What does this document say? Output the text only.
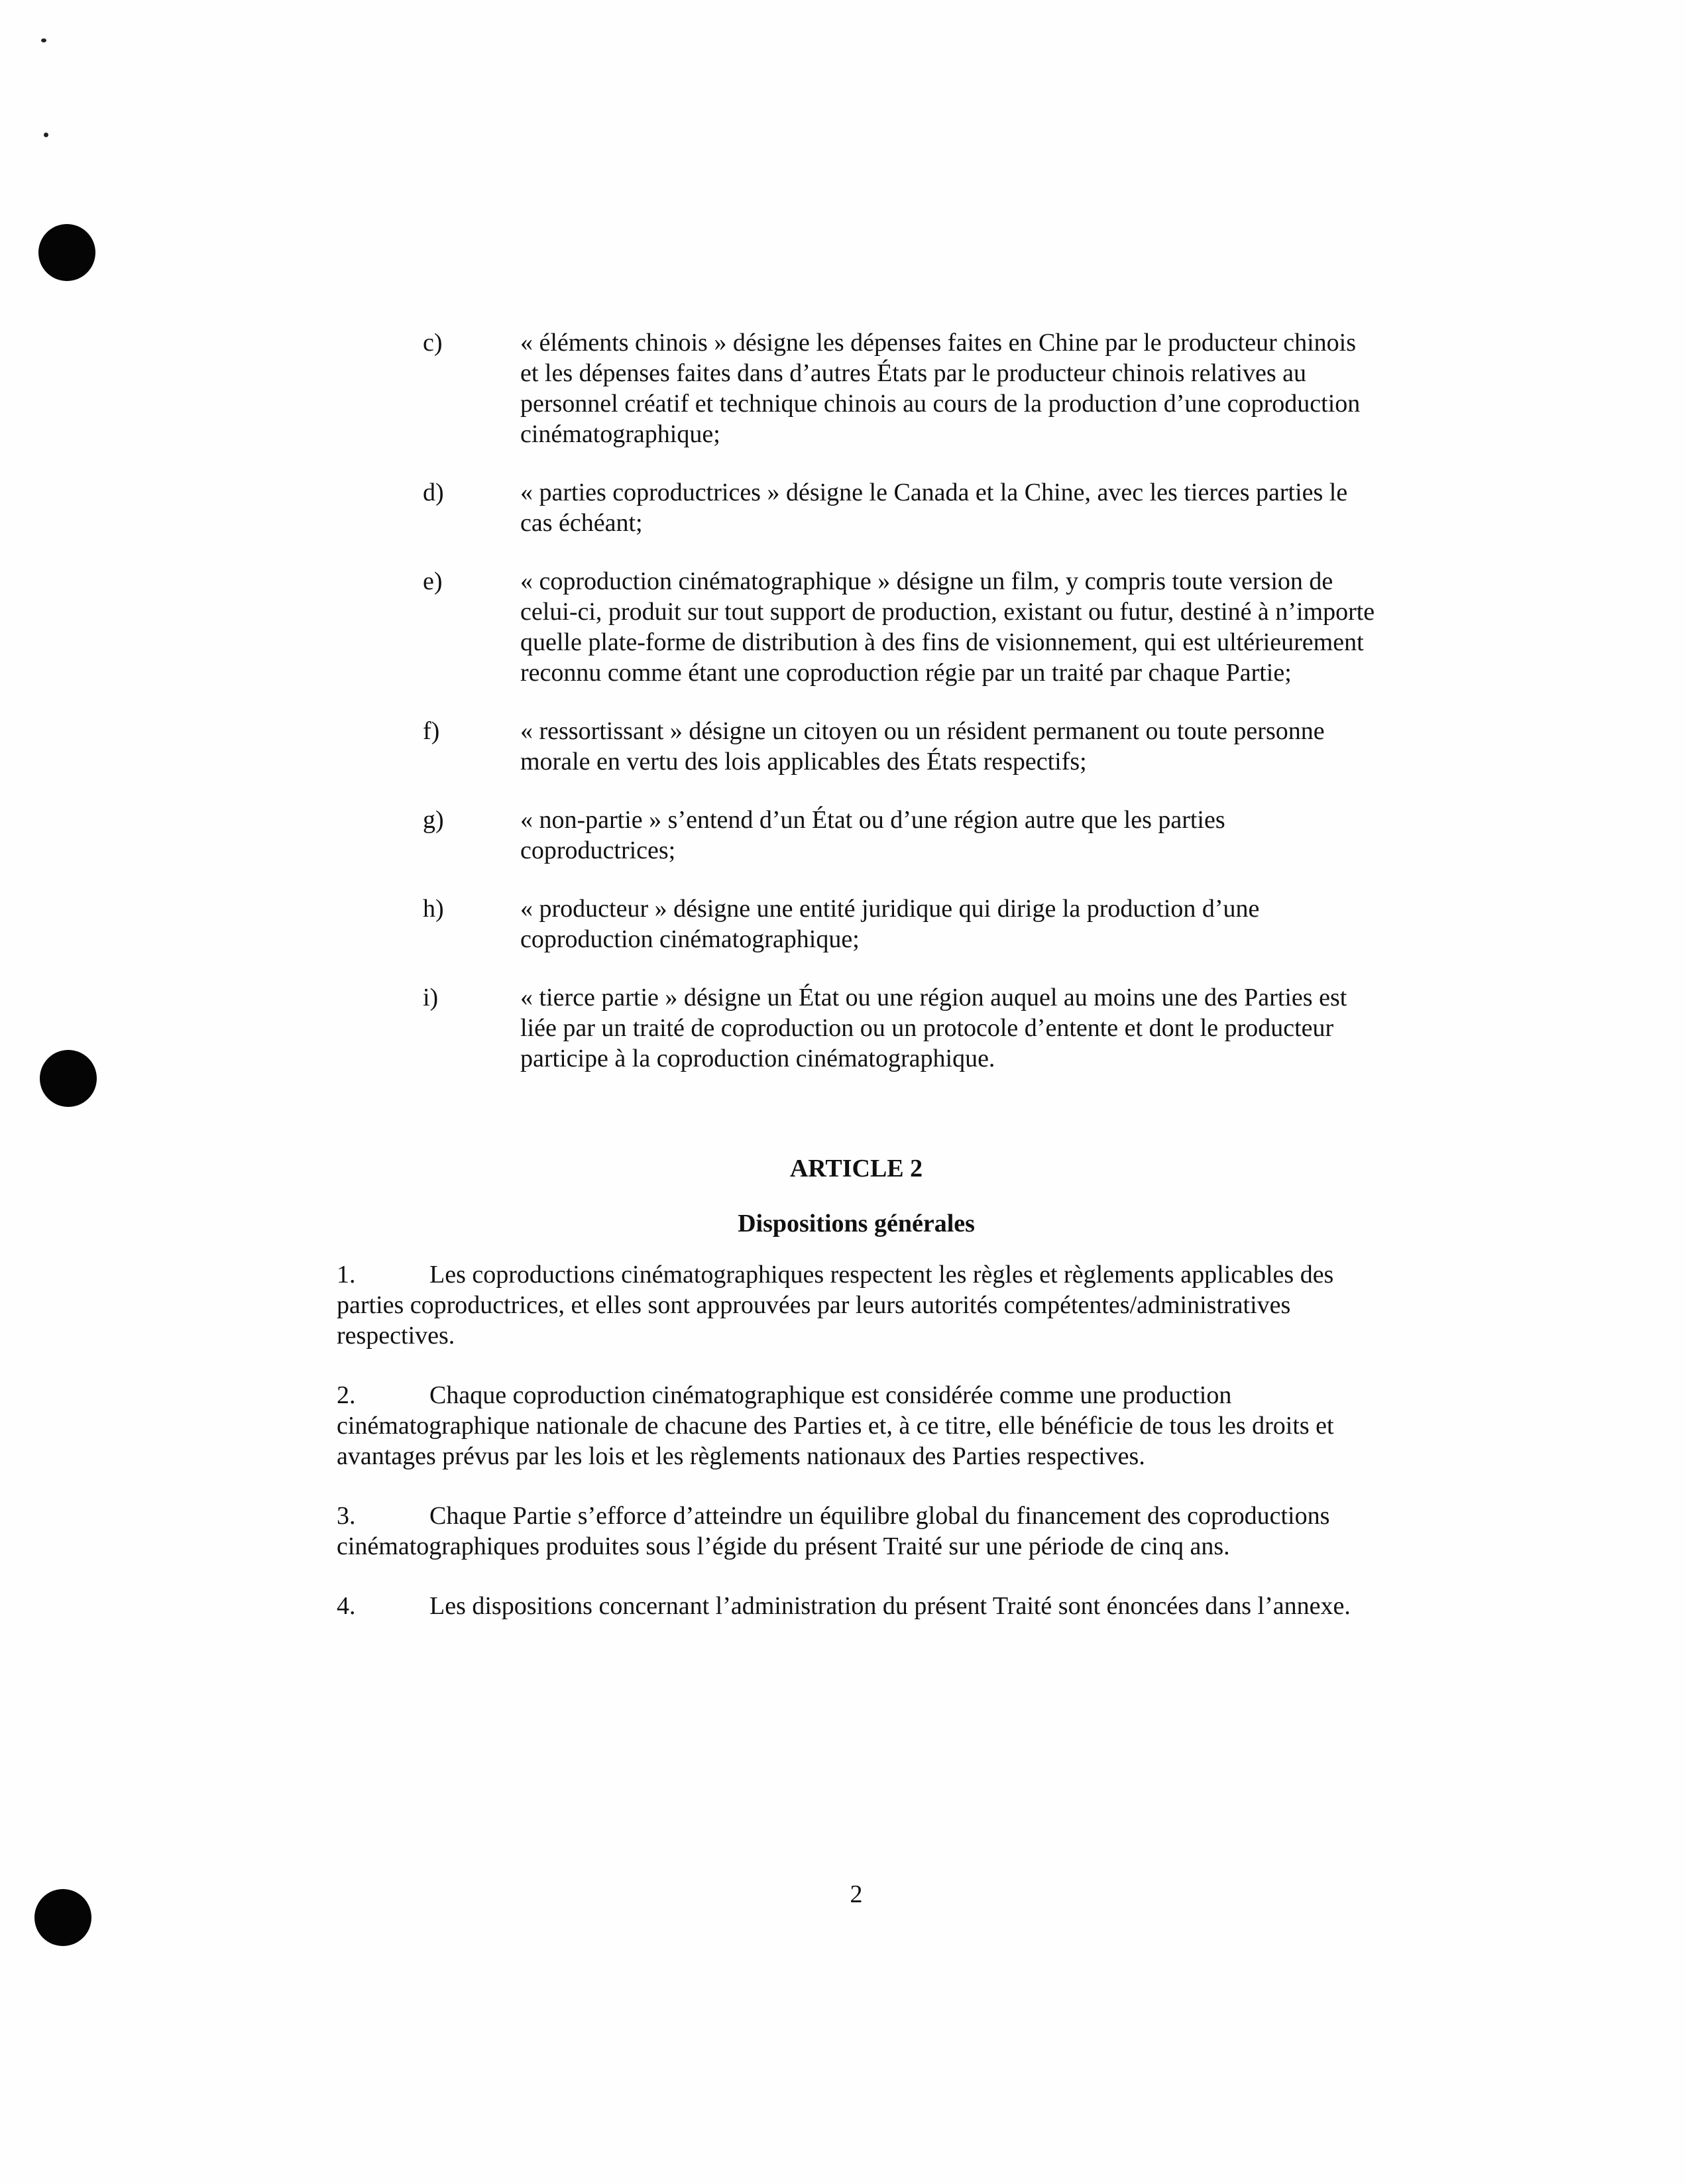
c)	« éléments chinois » désigne les dépenses faites en Chine par le producteur chinois et les dépenses faites dans d’autres États par le producteur chinois relatives au personnel créatif et technique chinois au cours de la production d’une coproduction cinématographique;
d)	« parties coproductrices » désigne le Canada et la Chine, avec les tierces parties le cas échéant;
e)	« coproduction cinématographique » désigne un film, y compris toute version de celui-ci, produit sur tout support de production, existant ou futur, destiné à n’importe quelle plate-forme de distribution à des fins de visionnement, qui est ultérieurement reconnu comme étant une coproduction régie par un traité par chaque Partie;
f)	« ressortissant » désigne un citoyen ou un résident permanent ou toute personne morale en vertu des lois applicables des États respectifs;
g)	« non-partie » s’entend d’un État ou d’une région autre que les parties coproductrices;
h)	« producteur » désigne une entité juridique qui dirige la production d’une coproduction cinématographique;
i)	« tierce partie » désigne un État ou une région auquel au moins une des Parties est liée par un traité de coproduction ou un protocole d’entente et dont le producteur participe à la coproduction cinématographique.
ARTICLE 2
Dispositions générales

1.	Les coproductions cinématographiques respectent les règles et règlements applicables des parties coproductrices, et elles sont approuvées par leurs autorités compétentes/administratives respectives.

2.	Chaque coproduction cinématographique est considérée comme une production cinématographique nationale de chacune des Parties et, à ce titre, elle bénéficie de tous les droits et avantages prévus par les lois et les règlements nationaux des Parties respectives.

3.	Chaque Partie s’efforce d’atteindre un équilibre global du financement des coproductions cinématographiques produites sous l’égide du présent Traité sur une période de cinq ans.

4.	Les dispositions concernant l’administration du présent Traité sont énoncées dans l’annexe.

2
